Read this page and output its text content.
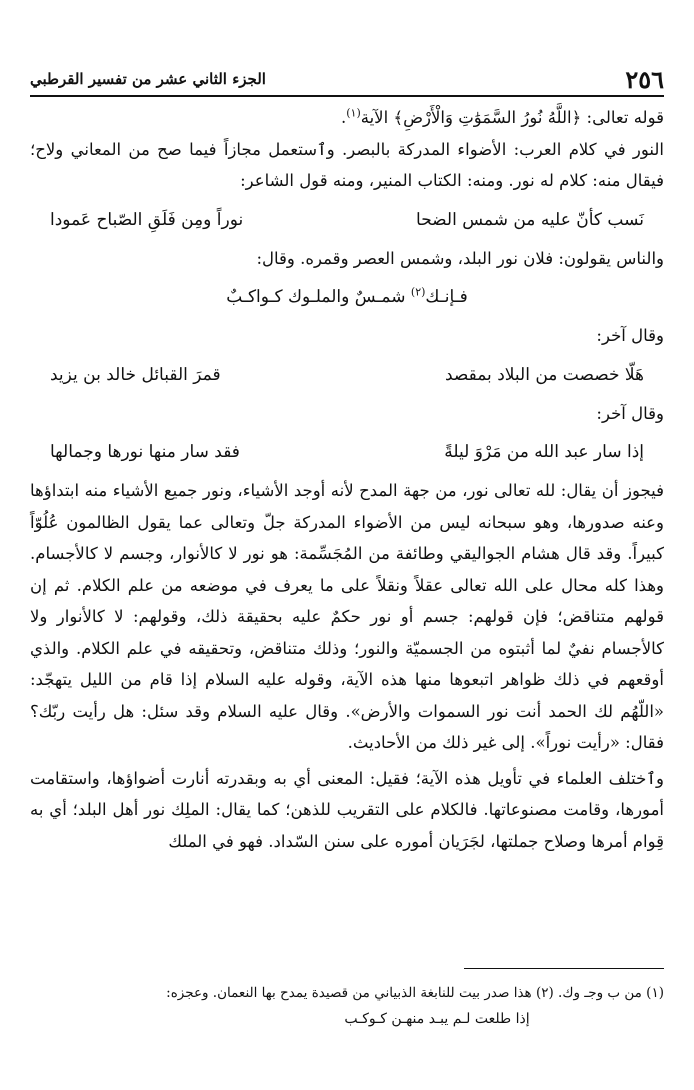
٢٥٦
الجزء الثاني عشر من تفسير القرطبي

قوله تعالى: ﴿اللَّهُ نُورُ السَّمَوَٰتِ وَالْأَرْضِ﴾ الآية$^{(١)}$.

النور في كلام العرب: الأضواء المدركة بالبصر. وٱستعمل مجازاً فيما صح من المعاني ولاح؛ فيقال منه: كلام له نور. ومنه: الكتاب المنير، ومنه قول الشاعر:

نَسب كأنّ عليه من شمس الضحا
نوراً ومِن فَلَقِ الصّباح عَمودا

والناس يقولون: فلان نور البلد، وشمس العصر وقمره. وقال:

فـإنـك$^{(٢)}$ شمـسٌ والملـوك كـواكـبٌ

وقال آخر:

هَلّا خصصت من البلاد بمقصد
قمرَ القبائل خالد بن يزيد

وقال آخر:

إذا سار عبد الله من مَرْوَ ليلةً
فقد سار منها نورها وجمالها

فيجوز أن يقال: لله تعالى نور، من جهة المدح لأنه أوجد الأشياء، ونور جميع الأشياء منه ابتداؤها وعنه صدورها، وهو سبحانه ليس من الأضواء المدركة جلّ وتعالى عما يقول الظالمون عُلُوّاً كبيراً. وقد قال هشام الجواليقي وطائفة من المُجَسِّمة: هو نور لا كالأنوار، وجسم لا كالأجسام. وهذا كله محال على الله تعالى عقلاً ونقلاً على ما يعرف في موضعه من علم الكلام. ثم إن قولهم متناقض؛ فإن قولهم: جسم أو نور حكمٌ عليه بحقيقة ذلك، وقولهم: لا كالأنوار ولا كالأجسام نفيٌ لما أثبتوه من الجسميّة والنور؛ وذلك متناقض، وتحقيقه في علم الكلام. والذي أوقعهم في ذلك ظواهر اتبعوها منها هذه الآية، وقوله عليه السلام إذا قام من الليل يتهجّد: «اللّهُم لك الحمد أنت نور السموات والأرض». وقال عليه السلام وقد سئل: هل رأيت ربّك؟ فقال: «رأيت نوراً». إلى غير ذلك من الأحاديث.

وٱختلف العلماء في تأويل هذه الآية؛ فقيل: المعنى أي به وبقدرته أنارت أضواؤها، واستقامت أمورها، وقامت مصنوعاتها. فالكلام على التقريب للذهن؛ كما يقال: الملِك نور أهل البلد؛ أي به قِوام أمرها وصلاح جملتها، لجَرَيان أموره على سنن السّداد. فهو في الملك

(١) من ب وجـ وك. (٢) هذا صدر بيت للنابغة الذبياني من قصيدة يمدح بها النعمان. وعجزه:
إذا طلعت لـم يبـد منهـن كـوكـب
